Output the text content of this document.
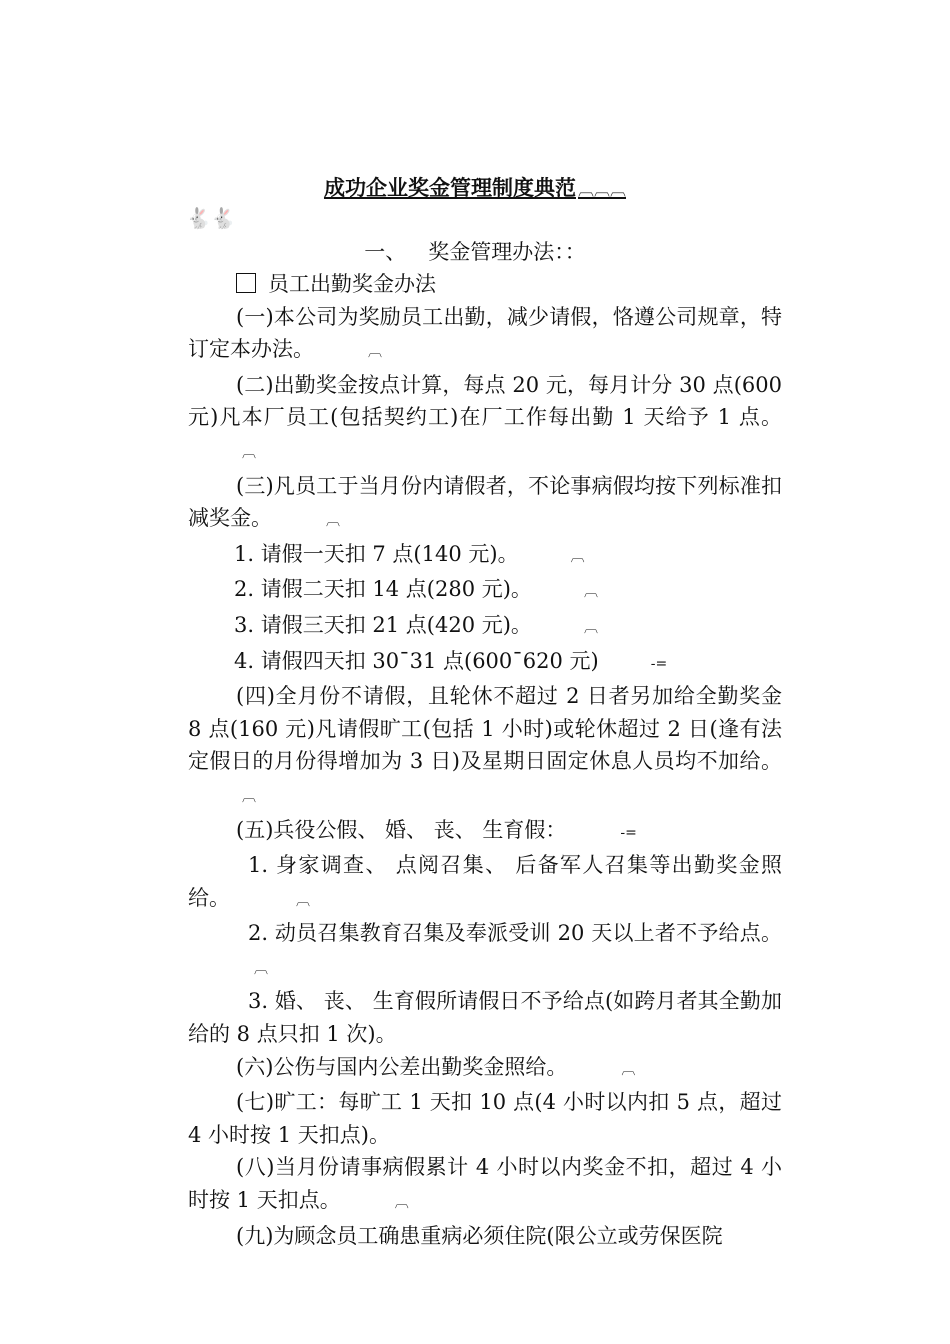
成功企业奖金管理制度典范 ︹︹︹
🐇🐇
一、 奖金管理办法：：

员工出勤奖金办法

(一)本公司为奖励员工出勤，减少请假，恪遵公司规章，特订定本办法。	︹

(二)出勤奖金按点计算，每点 20 元，每月计分 30 点(600 元)凡本厂员工(包括契约工)在厂工作每出勤 1 天给予 1 点。︹

(三)凡员工于当月份内请假者，不论事病假均按下列标准扣减奖金。	︹

1. 请假一天扣 7 点(140 元)。	︹

2. 请假二天扣 14 点(280 元)。	︹

3. 请假三天扣 21 点(420 元)。	︹

4. 请假四天扣 30¯31 点(600¯620 元)	-=

(四)全月份不请假，且轮休不超过 2 日者另加给全勤奖金 8 点(160 元)凡请假旷工(包括 1 小时)或轮休超过 2 日(逢有法定假日的月份得增加为 3 日)及星期日固定休息人员均不加给。︹

(五)兵役公假、 婚、 丧、 生育假：	-=

1. 身家调查、 点阅召集、 后备军人召集等出勤奖金照给。	︹

2. 动员召集教育召集及奉派受训 20 天以上者不予给点。︹

3. 婚、 丧、 生育假所请假日不予给点(如跨月者其全勤加给的 8 点只扣 1 次)。

(六)公伤与国内公差出勤奖金照给。	︹

(七)旷工：每旷工 1 天扣 10 点(4 小时以内扣 5 点，超过 4 小时按 1 天扣点)。

(八)当月份请事病假累计 4 小时以内奖金不扣，超过 4 小时按 1 天扣点。	︹

(九)为顾念员工确患重病必须住院(限公立或劳保医院
